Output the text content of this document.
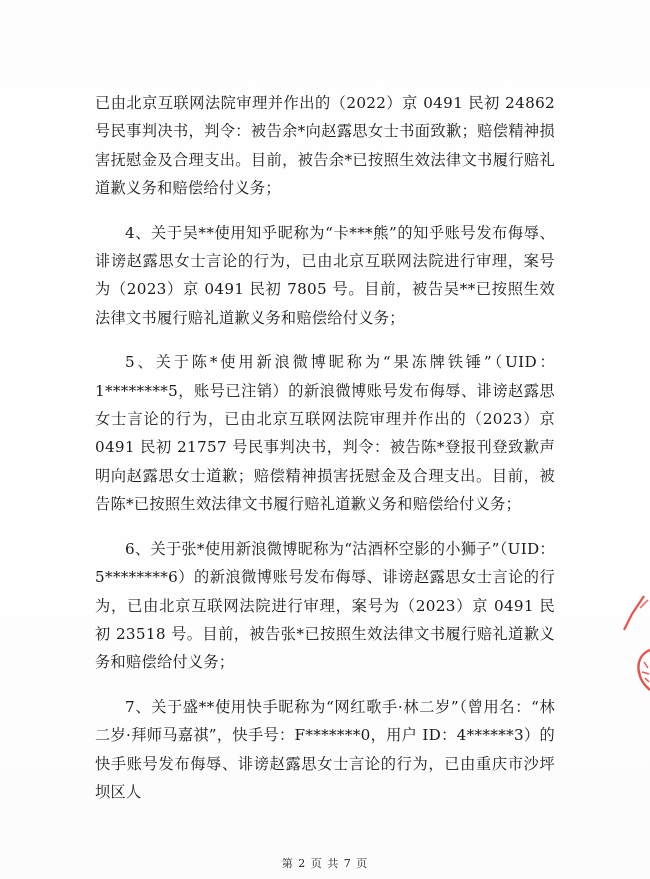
已由北京互联网法院审理并作出的（2022）京 0491 民初 24862 号民事判决书，判令：被告余*向赵露思女士书面致歉；赔偿精神损害抚慰金及合理支出。目前，被告余*已按照生效法律文书履行赔礼道歉义务和赔偿给付义务；

4、关于吴**使用知乎昵称为“卡***熊”的知乎账号发布侮辱、诽谤赵露思女士言论的行为，已由北京互联网法院进行审理，案号为（2023）京 0491 民初 7805 号。目前，被告吴**已按照生效法律文书履行赔礼道歉义务和赔偿给付义务；

5、关于陈*使用新浪微博昵称为“果冻牌铁锤”（UID：1********5，账号已注销）的新浪微博账号发布侮辱、诽谤赵露思女士言论的行为，已由北京互联网法院审理并作出的（2023）京 0491 民初 21757 号民事判决书，判令：被告陈*登报刊登致歉声明向赵露思女士道歉；赔偿精神损害抚慰金及合理支出。目前，被告陈*已按照生效法律文书履行赔礼道歉义务和赔偿给付义务；

6、关于张*使用新浪微博昵称为“沽酒杯空影的小狮子”（UID：5********6）的新浪微博账号发布侮辱、诽谤赵露思女士言论的行为，已由北京互联网法院进行审理，案号为（2023）京 0491 民初 23518 号。目前，被告张*已按照生效法律文书履行赔礼道歉义务和赔偿给付义务；

7、关于盛**使用快手昵称为“网红歌手·林二岁”（曾用名：“林二岁·拜师马嘉祺”，快手号：F*******0，用户 ID：4******3）的快手账号发布侮辱、诽谤赵露思女士言论的行为，已由重庆市沙坪坝区人

第 2 页 共 7 页
